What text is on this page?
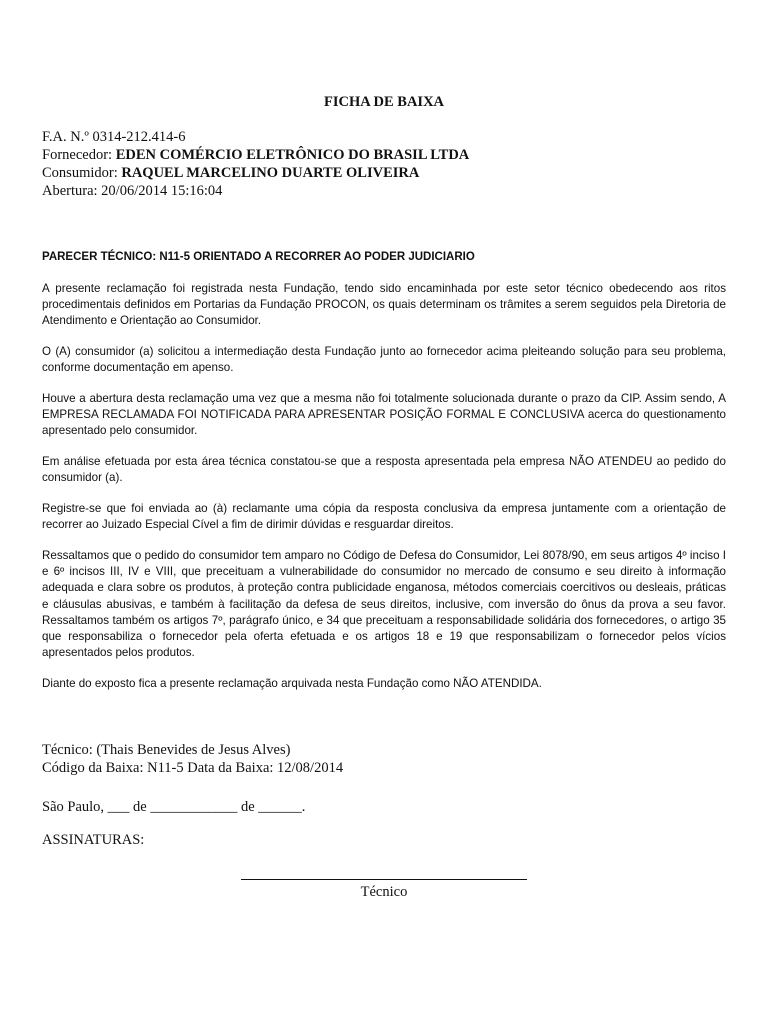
FICHA DE BAIXA
F.A. N.º 0314-212.414-6
Fornecedor: EDEN COMÉRCIO ELETRÔNICO DO BRASIL LTDA
Consumidor: RAQUEL MARCELINO DUARTE OLIVEIRA
Abertura: 20/06/2014 15:16:04
PARECER TÉCNICO: N11-5 ORIENTADO A RECORRER AO PODER JUDICIARIO

A presente reclamação foi registrada nesta Fundação, tendo sido encaminhada por este setor técnico obedecendo aos ritos procedimentais definidos em Portarias da Fundação PROCON, os quais determinam os trâmites a serem seguidos pela Diretoria de Atendimento e Orientação ao Consumidor.

O (A) consumidor (a) solicitou a intermediação desta Fundação junto ao fornecedor acima pleiteando solução para seu problema, conforme documentação em apenso.

Houve a abertura desta reclamação uma vez que a mesma não foi totalmente solucionada durante o prazo da CIP. Assim sendo, A EMPRESA RECLAMADA FOI NOTIFICADA PARA APRESENTAR POSIÇÃO FORMAL E CONCLUSIVA acerca do questionamento apresentado pelo consumidor.

Em análise efetuada por esta área técnica constatou-se que a resposta apresentada pela empresa NÃO ATENDEU ao pedido do consumidor (a).

Registre-se que foi enviada ao (à) reclamante uma cópia da resposta conclusiva da empresa juntamente com a orientação de recorrer ao Juizado Especial Cível a fim de dirimir dúvidas e resguardar direitos.

Ressaltamos que o pedido do consumidor tem amparo no Código de Defesa do Consumidor, Lei 8078/90, em seus artigos 4º inciso I e 6º incisos III, IV e VIII, que preceituam a vulnerabilidade do consumidor no mercado de consumo e seu direito à informação adequada e clara sobre os produtos, à proteção contra publicidade enganosa, métodos comerciais coercitivos ou desleais, práticas e cláusulas abusivas, e também à facilitação da defesa de seus direitos, inclusive, com inversão do ônus da prova a seu favor. Ressaltamos também os artigos 7º, parágrafo único, e 34 que preceituam a responsabilidade solidária dos fornecedores, o artigo 35 que responsabiliza o fornecedor pela oferta efetuada e os artigos 18 e 19 que responsabilizam o fornecedor pelos vícios apresentados pelos produtos.

Diante do exposto fica a presente reclamação arquivada nesta Fundação como NÃO ATENDIDA.

Técnico: (Thais Benevides de Jesus Alves)
Código da Baixa: N11-5 Data da Baixa: 12/08/2014
São Paulo, ___ de ____________ de ______.
ASSINATURAS:
Técnico
